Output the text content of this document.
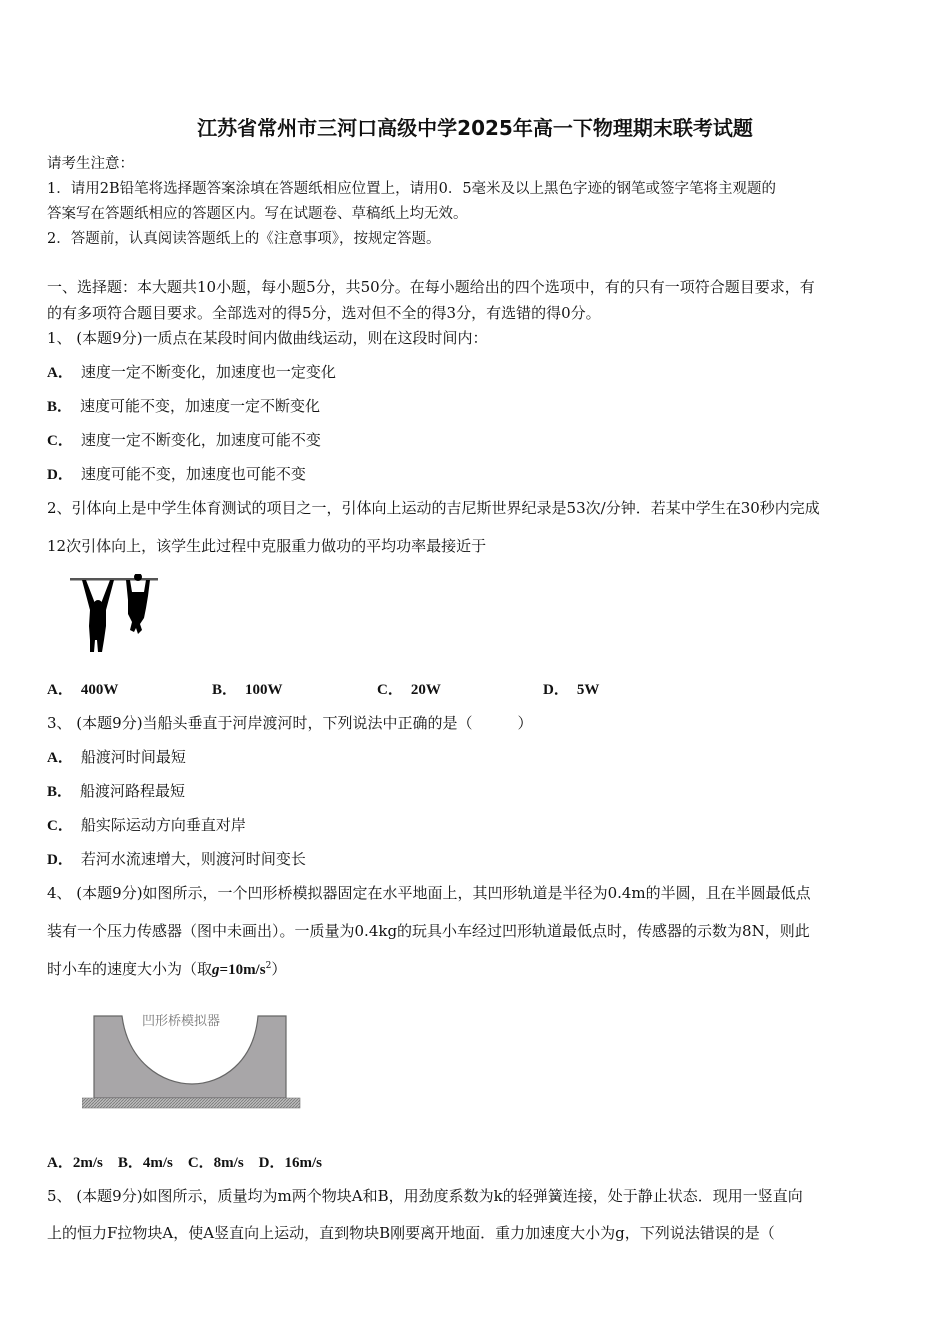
江苏省常州市三河口高级中学2025年高一下物理期末联考试题
请考生注意：
1．请用2B铅笔将选择题答案涂填在答题纸相应位置上，请用0．5毫米及以上黑色字迹的钢笔或签字笔将主观题的
答案写在答题纸相应的答题区内。写在试题卷、草稿纸上均无效。
2．答题前，认真阅读答题纸上的《注意事项》，按规定答题。
一、选择题：本大题共10小题，每小题5分，共50分。在每小题给出的四个选项中，有的只有一项符合题目要求，有
的有多项符合题目要求。全部选对的得5分，选对但不全的得3分，有选错的得0分。
1、 (本题9分)一质点在某段时间内做曲线运动，则在这段时间内：
A． 速度一定不断变化，加速度也一定变化
B． 速度可能不变，加速度一定不断变化
C． 速度一定不断变化，加速度可能不变
D． 速度可能不变，加速度也可能不变
2、引体向上是中学生体育测试的项目之一，引体向上运动的吉尼斯世界纪录是53次/分钟．若某中学生在30秒内完成
12次引体向上，该学生此过程中克服重力做功的平均功率最接近于
A． 400W	B． 100W	C． 20W	D． 5W
3、 (本题9分)当船头垂直于河岸渡河时，下列说法中正确的是（　　　）
A． 船渡河时间最短
B． 船渡河路程最短
C． 船实际运动方向垂直对岸
D． 若河水流速增大，则渡河时间变长
4、 (本题9分)如图所示，一个凹形桥模拟器固定在水平地面上，其凹形轨道是半径为0.4m的半圆，且在半圆最低点
装有一个压力传感器（图中未画出）。一质量为0.4kg的玩具小车经过凹形轨道最低点时，传感器的示数为8N，则此
时小车的速度大小为（取$g=10m/s^2$）
凹形桥模拟器
A．2m/s　B．4m/s　C．8m/s　D．16m/s
5、 (本题9分)如图所示，质量均为m两个物块A和B，用劲度系数为k的轻弹簧连接，处于静止状态．现用一竖直向
上的恒力F拉物块A，使A竖直向上运动，直到物块B刚要离开地面．重力加速度大小为g，下列说法错误的是（
